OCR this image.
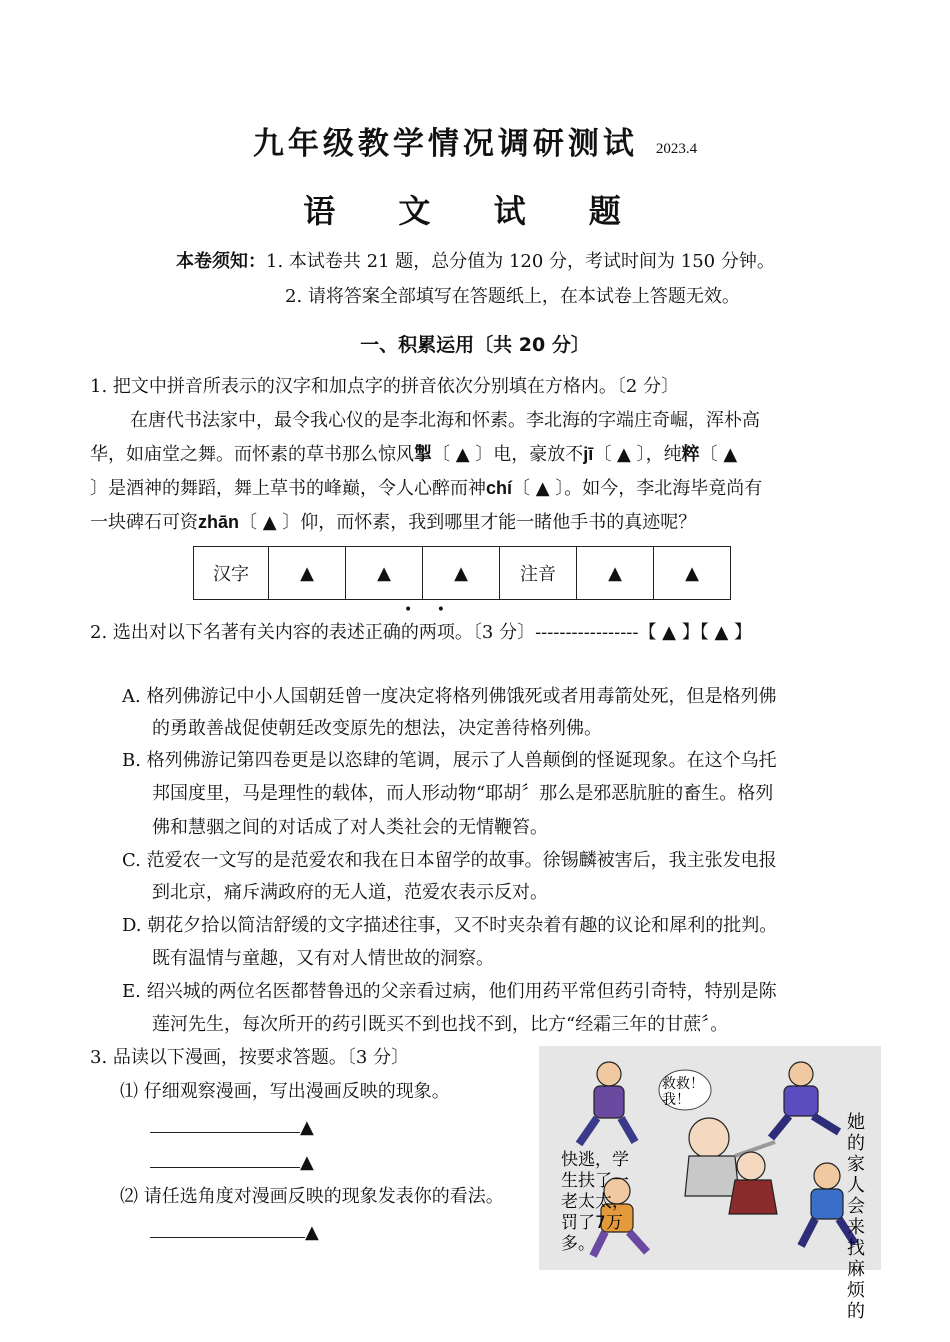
九年级教学情况调研测试 2023.4
语 文 试 题
本卷须知：1. 本试卷共 21 题，总分值为 120 分，考试时间为 150 分钟。
2. 请将答案全部填写在答题纸上，在本试卷上答题无效。
一、积累运用〔共 20 分〕
1. 把文中拼音所表示的汉字和加点字的拼音依次分别填在方格内。〔2 分〕
在唐代书法家中，最令我心仪的是李北海和怀素。李北海的字端庄奇崛，浑朴高
华，如庙堂之舞。而怀素的草书那么惊风掣〔 ▲ 〕电，豪放不jī〔 ▲ 〕，纯粹〔 ▲
〕是酒神的舞蹈，舞上草书的峰巅，令人心醉而神chí〔 ▲ 〕。如今，李北海毕竟尚有
一块碑石可资zhān〔 ▲ 〕仰，而怀素，我到哪里才能一睹他手书的真迹呢？
汉字	▲	▲	▲	注音	▲	▲
• •
2. 选出对以下名著有关内容的表述正确的两项。〔3 分〕-----------------【 ▲ 】【 ▲ 】
A. 格列佛游记中小人国朝廷曾一度决定将格列佛饿死或者用毒箭处死，但是格列佛
的勇敢善战促使朝廷改变原先的想法，决定善待格列佛。
B. 格列佛游记第四卷更是以恣肆的笔调，展示了人兽颠倒的怪诞现象。在这个乌托
邦国度里，马是理性的载体，而人形动物“耶胡〞那么是邪恶肮脏的畜生。格列
佛和慧骃之间的对话成了对人类社会的无情鞭笞。
C. 范爱农一文写的是范爱农和我在日本留学的故事。徐锡麟被害后，我主张发电报
到北京，痛斥满政府的无人道，范爱农表示反对。
D. 朝花夕拾以简洁舒缓的文字描述往事，又不时夹杂着有趣的议论和犀利的批判。
既有温情与童趣，又有对人情世故的洞察。
E. 绍兴城的两位名医都替鲁迅的父亲看过病，他们用药平常但药引奇特，特别是陈
莲河先生，每次所开的药引既买不到也找不到，比方“经霜三年的甘蔗〞。
3. 品读以下漫画，按要求答题。〔3 分〕
⑴ 仔细观察漫画，写出漫画反映的现象。
▲
▲
⑵ 请任选角度对漫画反映的现象发表你的看法。
▲
救救！我！
快逃，学生扶了一老太太，罚了7万多。
她的家人会来找麻烦的
